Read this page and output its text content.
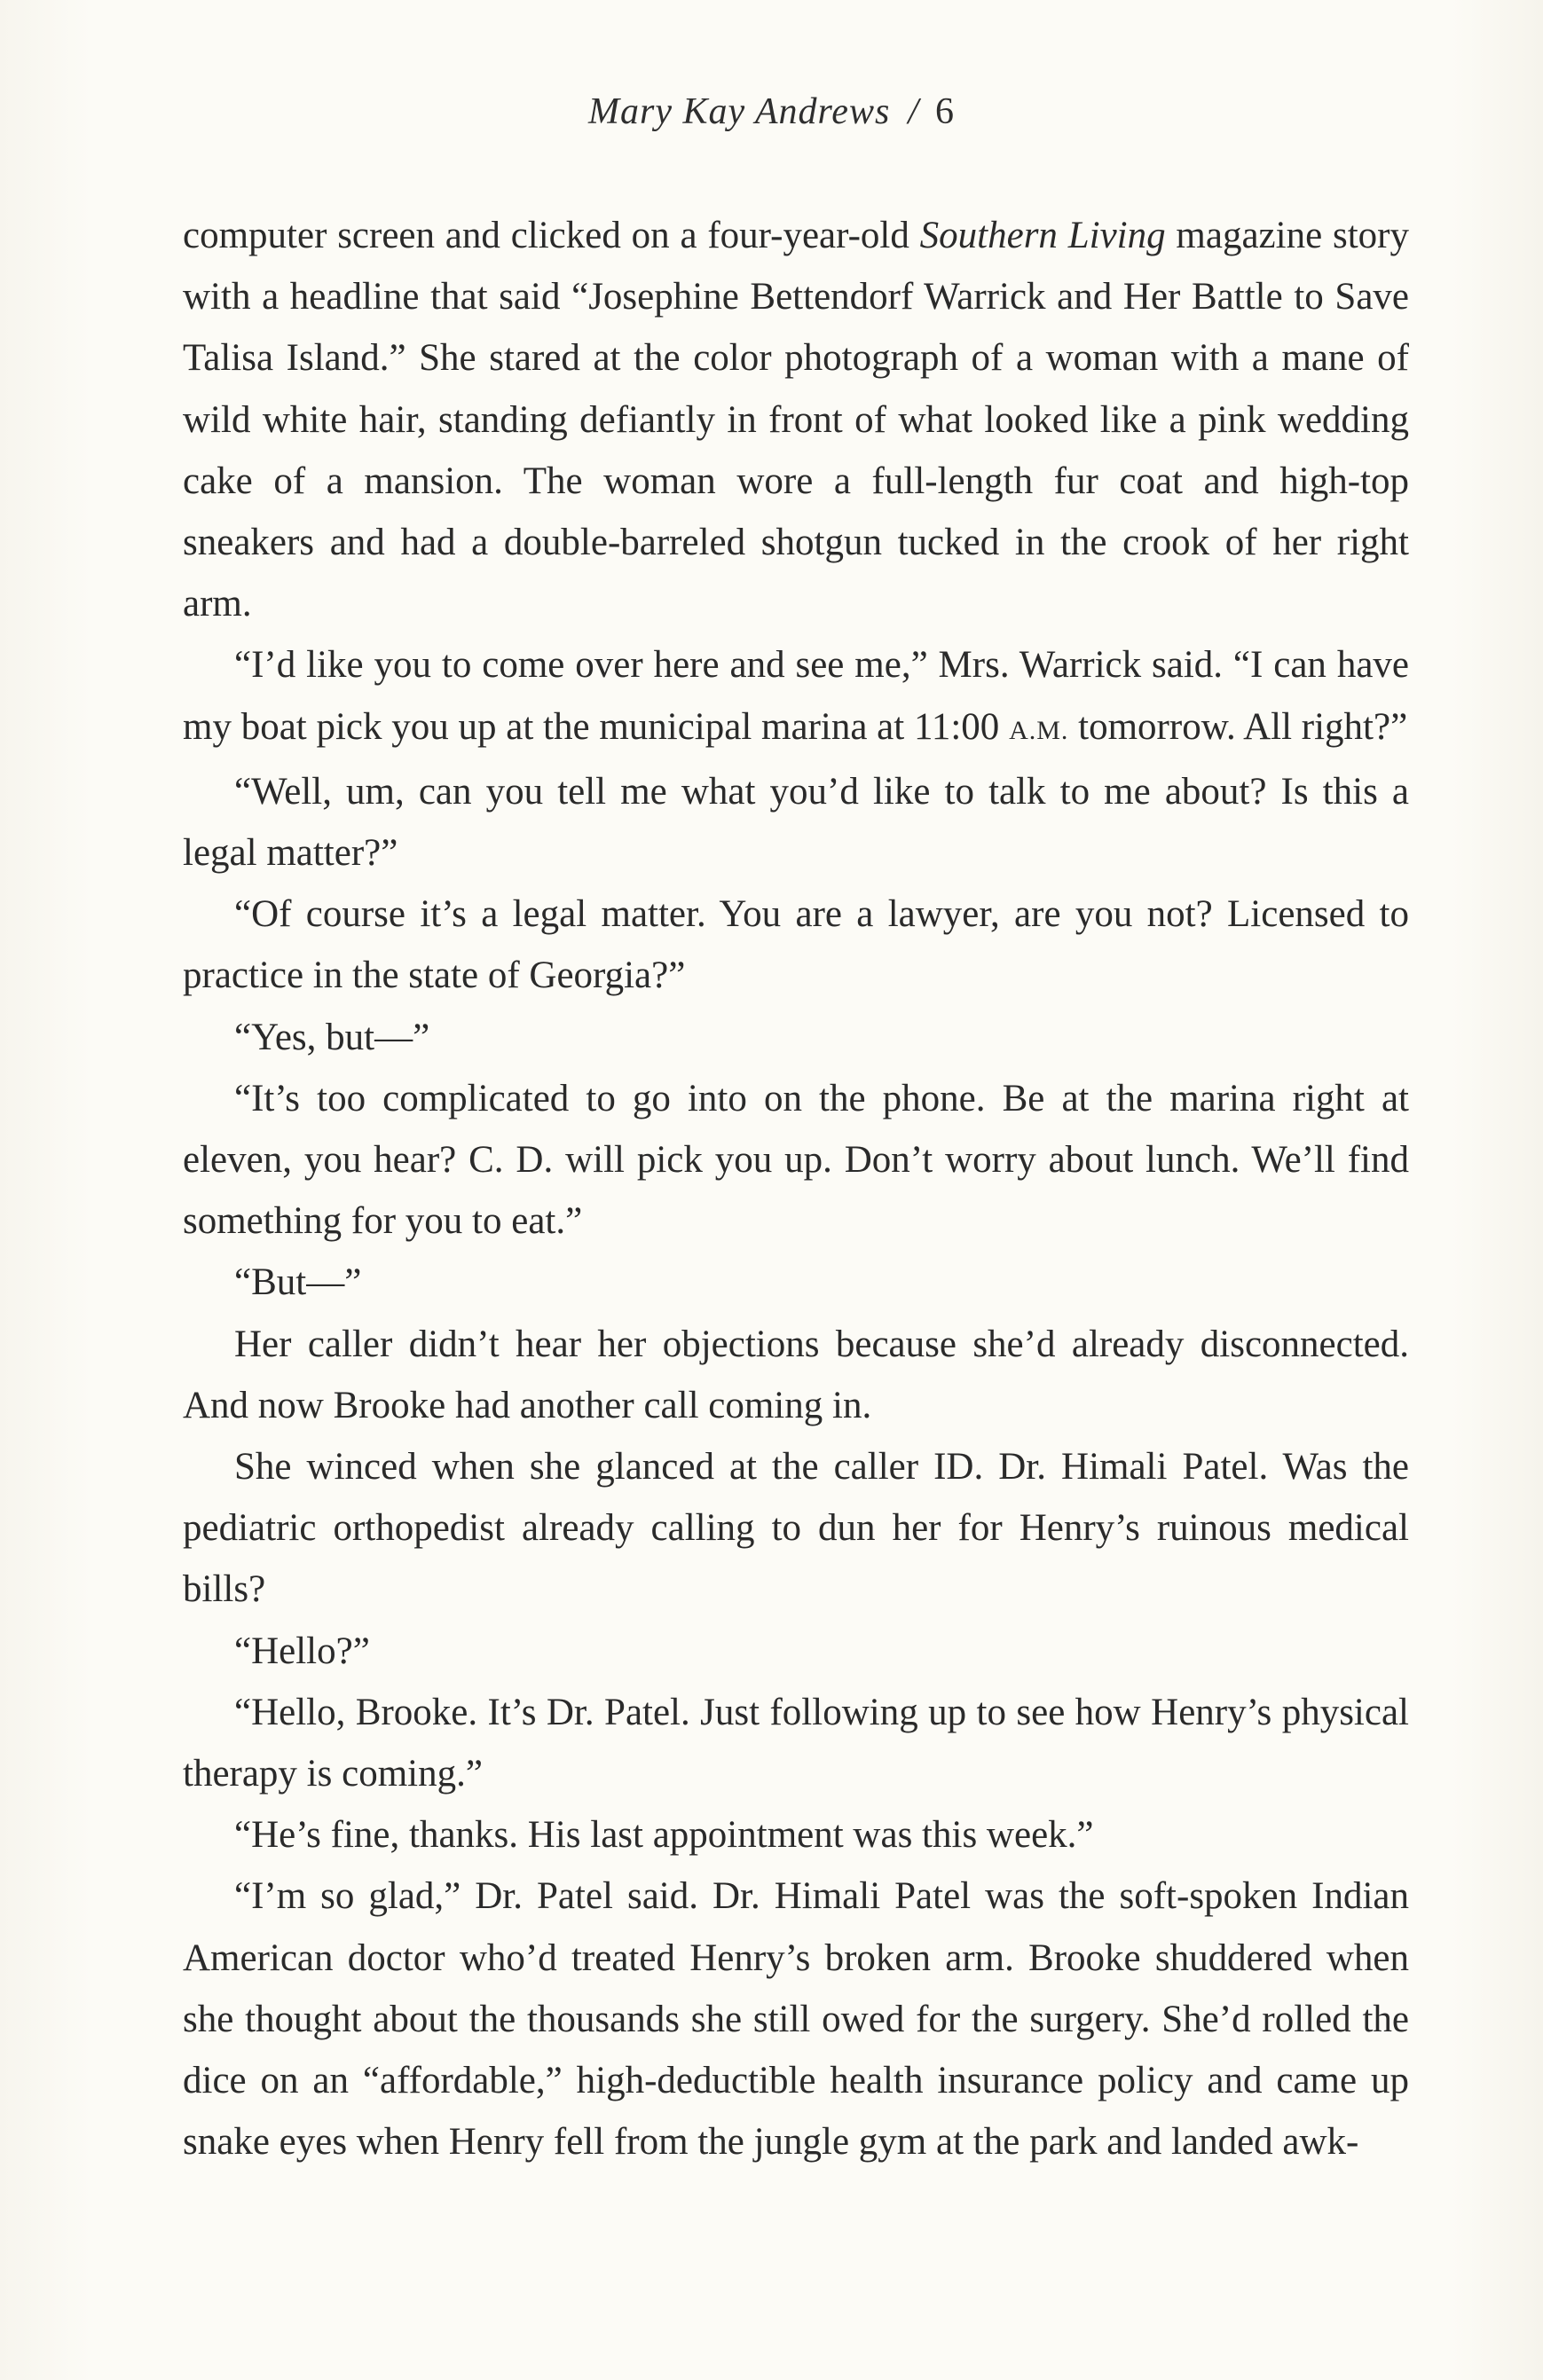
Mary Kay Andrews / 6

computer screen and clicked on a four-year-old Southern Living magazine story with a headline that said “Josephine Bettendorf Warrick and Her Battle to Save Talisa Island.” She stared at the color photograph of a woman with a mane of wild white hair, standing defiantly in front of what looked like a pink wedding cake of a mansion. The woman wore a full-length fur coat and high-top sneakers and had a double-barreled shotgun tucked in the crook of her right arm.

“I’d like you to come over here and see me,” Mrs. Warrick said. “I can have my boat pick you up at the municipal marina at 11:00 A.M. tomorrow. All right?”

“Well, um, can you tell me what you’d like to talk to me about? Is this a legal matter?”

“Of course it’s a legal matter. You are a lawyer, are you not? Licensed to practice in the state of Georgia?”

“Yes, but—”

“It’s too complicated to go into on the phone. Be at the marina right at eleven, you hear? C. D. will pick you up. Don’t worry about lunch. We’ll find something for you to eat.”

“But—”

Her caller didn’t hear her objections because she’d already disconnected. And now Brooke had another call coming in.

She winced when she glanced at the caller ID. Dr. Himali Patel. Was the pediatric orthopedist already calling to dun her for Henry’s ruinous medical bills?

“Hello?”

“Hello, Brooke. It’s Dr. Patel. Just following up to see how Henry’s physical therapy is coming.”

“He’s fine, thanks. His last appointment was this week.”

“I’m so glad,” Dr. Patel said. Dr. Himali Patel was the soft-spoken Indian American doctor who’d treated Henry’s broken arm. Brooke shuddered when she thought about the thousands she still owed for the surgery. She’d rolled the dice on an “affordable,” high-deductible health insurance policy and came up snake eyes when Henry fell from the jungle gym at the park and landed awk-
